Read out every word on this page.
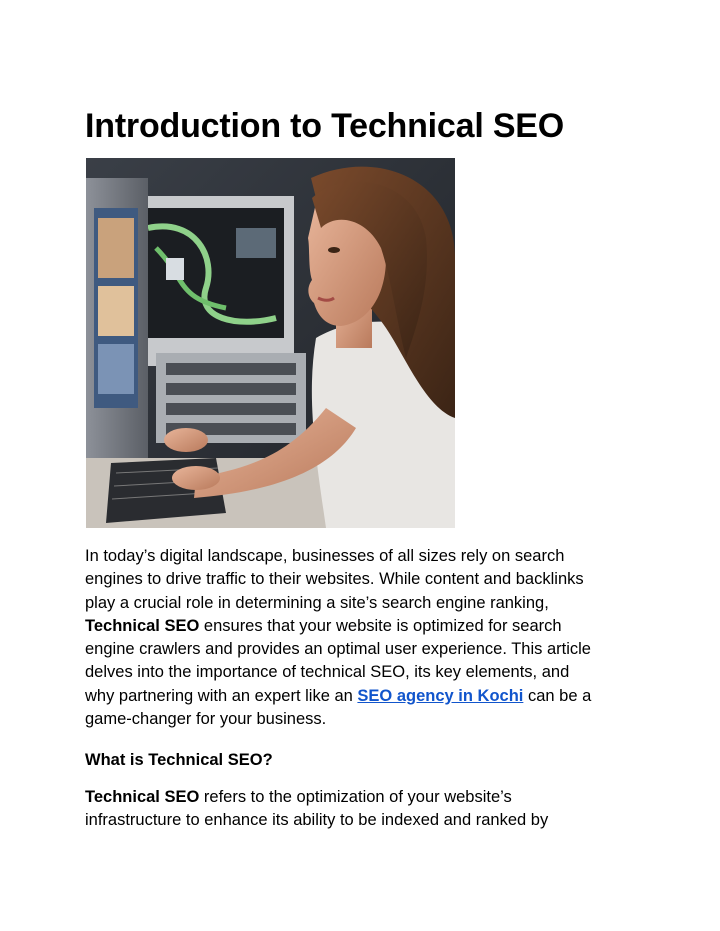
Introduction to Technical SEO

In today’s digital landscape, businesses of all sizes rely on search
engines to drive traffic to their websites. While content and backlinks
play a crucial role in determining a site’s search engine ranking,
Technical SEO ensures that your website is optimized for search
engine crawlers and provides an optimal user experience. This article
delves into the importance of technical SEO, its key elements, and
why partnering with an expert like an SEO agency in Kochi can be a
game-changer for your business.

What is Technical SEO?

Technical SEO refers to the optimization of your website’s
infrastructure to enhance its ability to be indexed and ranked by
